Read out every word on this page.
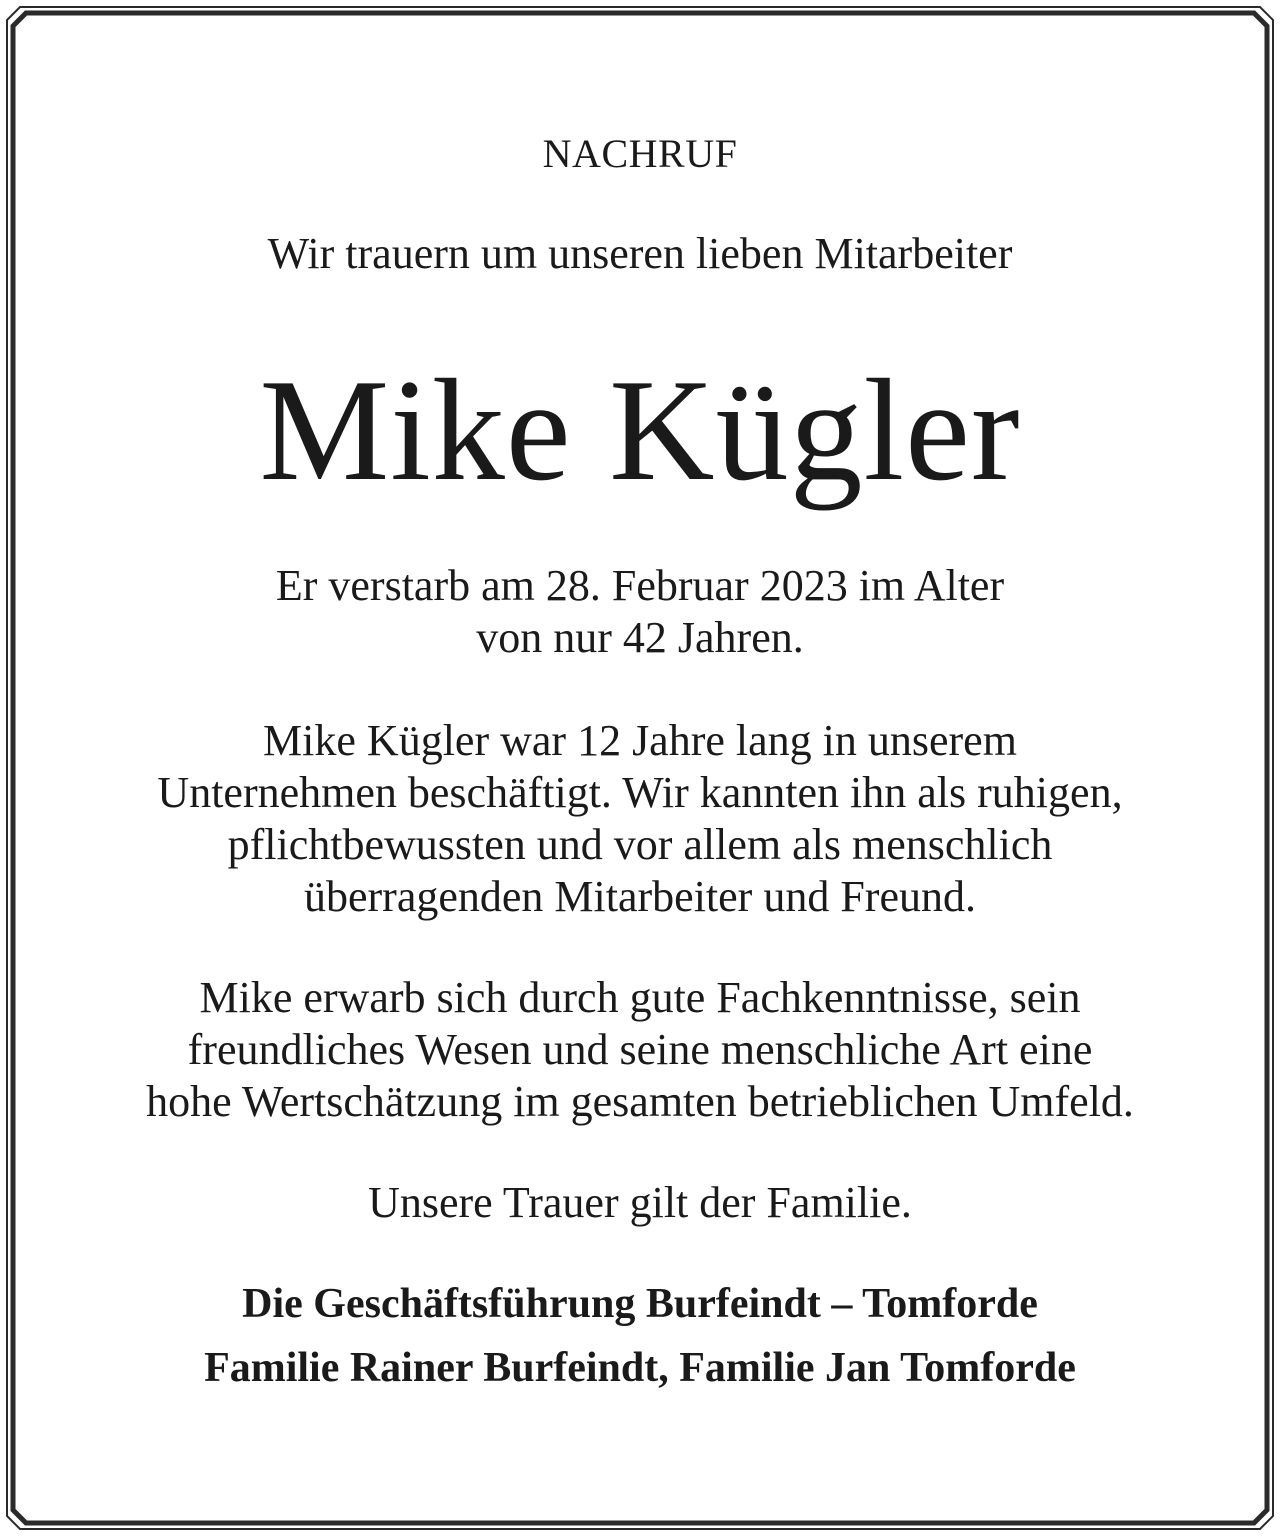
NACHRUF
Wir trauern um unseren lieben Mitarbeiter
Mike Kügler
Er verstarb am 28. Februar 2023 im Alter
von nur 42 Jahren.
Mike Kügler war 12 Jahre lang in unserem
Unternehmen beschäftigt. Wir kannten ihn als ruhigen,
pflichtbewussten und vor allem als menschlich
überragenden Mitarbeiter und Freund.
Mike erwarb sich durch gute Fachkenntnisse, sein
freundliches Wesen und seine menschliche Art eine
hohe Wertschätzung im gesamten betrieblichen Umfeld.
Unsere Trauer gilt der Familie.
Die Geschäftsführung Burfeindt – Tomforde
Familie Rainer Burfeindt, Familie Jan Tomforde
